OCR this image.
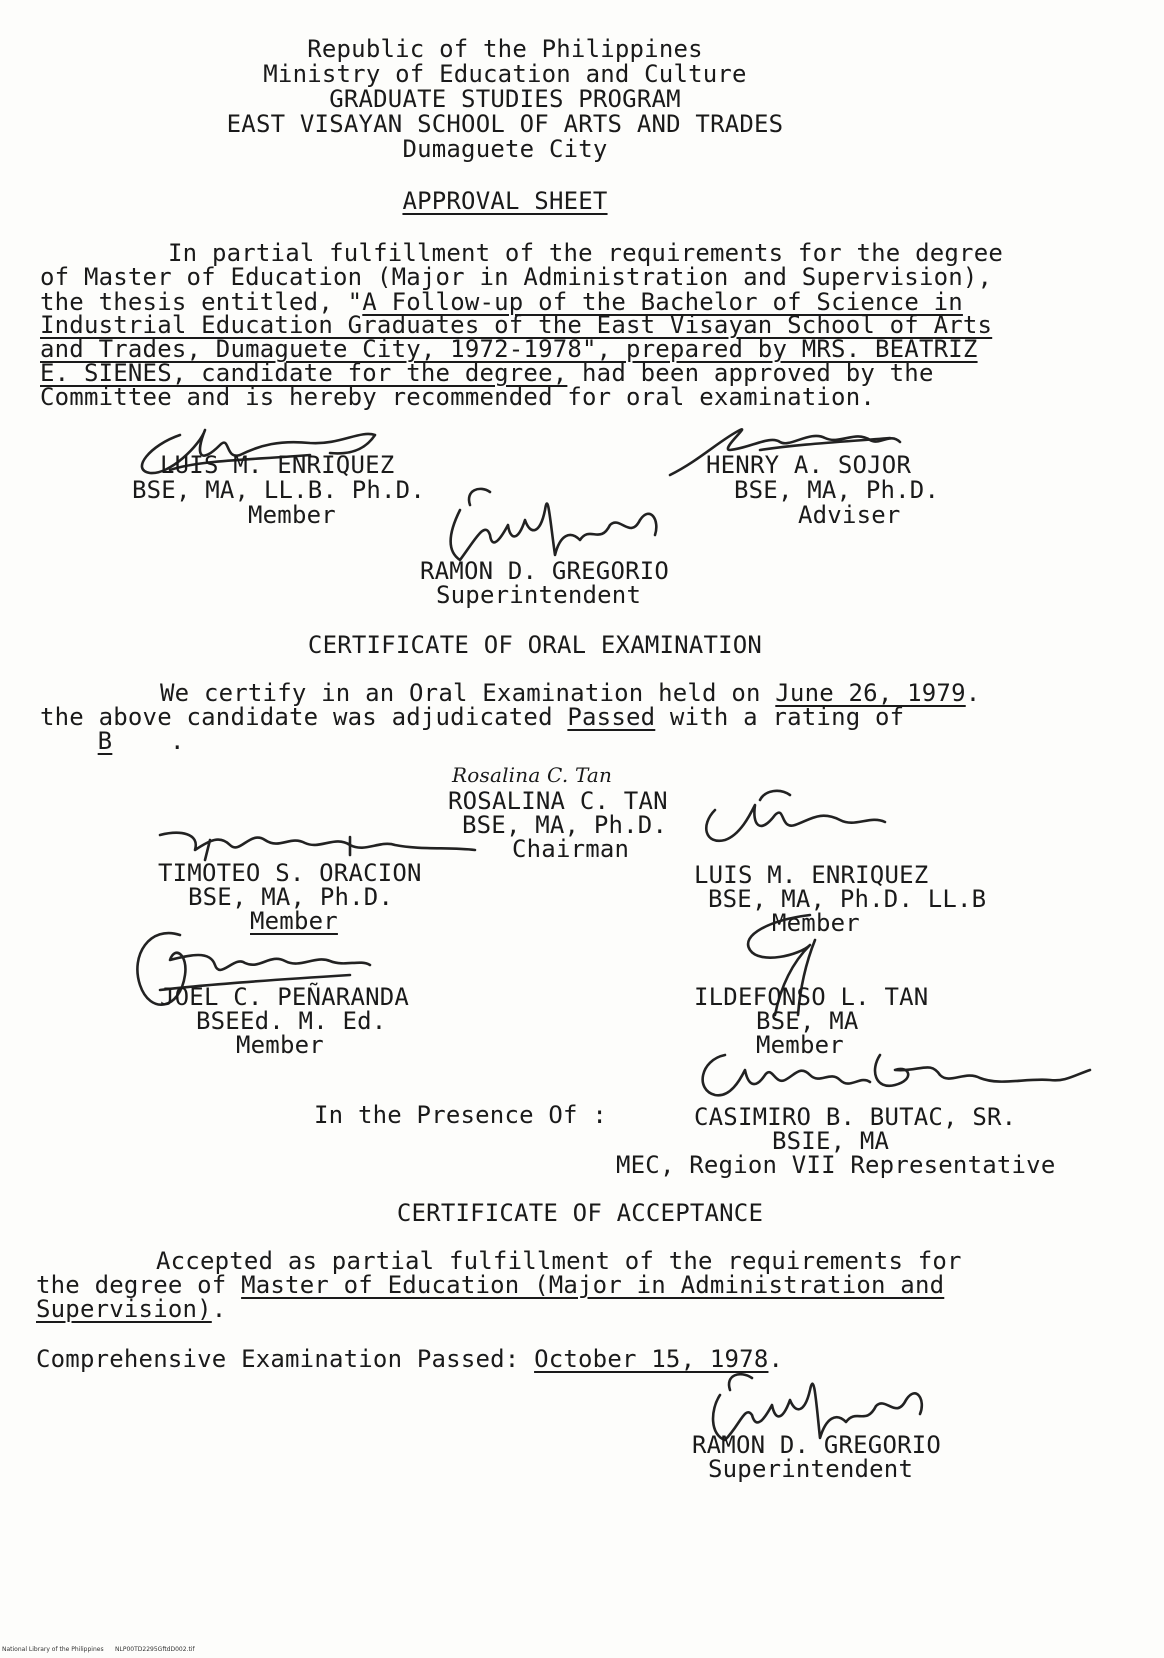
Republic of the Philippines
Ministry of Education and Culture
GRADUATE STUDIES PROGRAM
EAST VISAYAN SCHOOL OF ARTS AND TRADES
Dumaguete City
APPROVAL SHEET
In partial fulfillment of the requirements for the degree
of Master of Education (Major in Administration and Supervision),
the thesis entitled, "A Follow-up of the Bachelor of Science in
Industrial Education Graduates of the East Visayan School of Arts
and Trades, Dumaguete City, 1972-1978", prepared by MRS. BEATRIZ
E. SIENES, candidate for the degree, had been approved by the
Committee and is hereby recommended for oral examination.
LUIS M. ENRIQUEZ
BSE, MA, LL.B. Ph.D.
Member
HENRY A. SOJOR
BSE, MA, Ph.D.
Adviser
RAMON D. GREGORIO
Superintendent
CERTIFICATE OF ORAL EXAMINATION
We certify in an Oral Examination held on June 26, 1979.
the above candidate was adjudicated Passed with a rating of
B .
Rosalina C. Tan
ROSALINA C. TAN
BSE, MA, Ph.D.
Chairman
TIMOTEO S. ORACION
BSE, MA, Ph.D.
Member
LUIS M. ENRIQUEZ
BSE, MA, Ph.D. LL.B
Member
JOEL C. PEÑARANDA
BSEEd. M. Ed.
Member
ILDEFONSO L. TAN
BSE, MA
Member
In the Presence Of :	CASIMIRO B. BUTAC, SR.
BSIE, MA
MEC, Region VII Representative
CERTIFICATE OF ACCEPTANCE
Accepted as partial fulfillment of the requirements for
the degree of Master of Education (Major in Administration and
Supervision).
Comprehensive Examination Passed: October 15, 1978.
RAMON D. GREGORIO
Superintendent
National Library of the Philippines NLP00TD2295GftdD002.tif
